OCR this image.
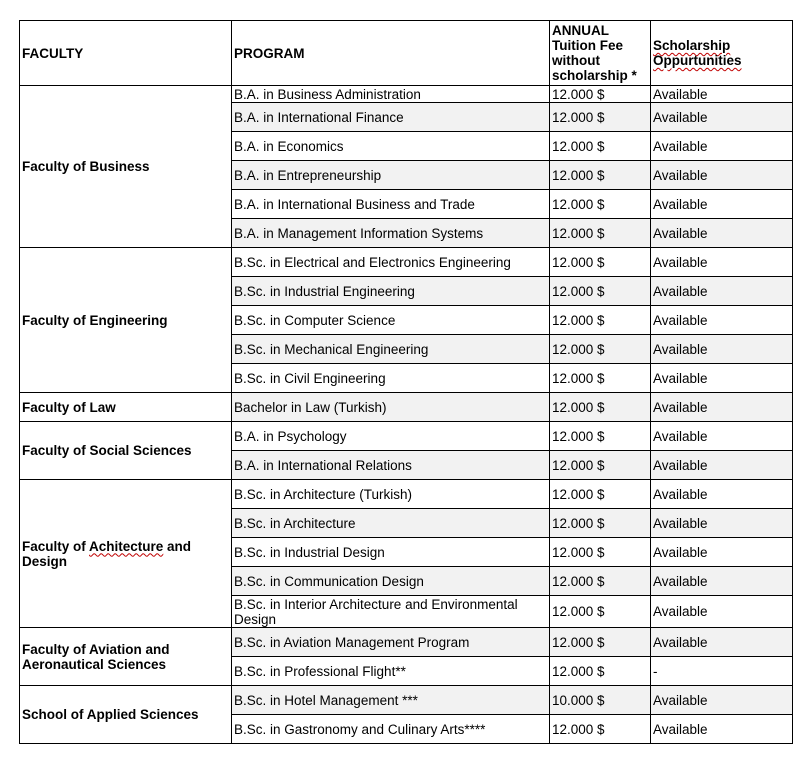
FACULTY	PROGRAM	ANNUAL Tuition Fee without scholarship *	Scholarship Oppurtunities
Faculty of Business	B.A. in Business Administration	12.000 $	Available
	B.A. in International Finance	12.000 $	Available
	B.A. in Economics	12.000 $	Available
	B.A. in Entrepreneurship	12.000 $	Available
	B.A. in International Business and Trade	12.000 $	Available
	B.A. in Management Information Systems	12.000 $	Available
Faculty of Engineering	B.Sc. in Electrical and Electronics Engineering	12.000 $	Available
	B.Sc. in Industrial Engineering	12.000 $	Available
	B.Sc. in Computer Science	12.000 $	Available
	B.Sc. in Mechanical Engineering	12.000 $	Available
	B.Sc. in Civil Engineering	12.000 $	Available
Faculty of Law	Bachelor in Law (Turkish)	12.000 $	Available
Faculty of Social Sciences	B.A. in Psychology	12.000 $	Available
	B.A. in International Relations	12.000 $	Available
Faculty of Achitecture and Design	B.Sc. in Architecture (Turkish)	12.000 $	Available
	B.Sc. in Architecture	12.000 $	Available
	B.Sc. in Industrial Design	12.000 $	Available
	B.Sc. in Communication Design	12.000 $	Available
	B.Sc. in Interior Architecture and Environmental Design	12.000 $	Available
Faculty of Aviation and Aeronautical Sciences	B.Sc. in Aviation Management Program	12.000 $	Available
	B.Sc. in Professional Flight**	12.000 $	-
School of Applied Sciences	B.Sc. in Hotel Management ***	10.000 $	Available
	B.Sc. in Gastronomy and Culinary Arts****	12.000 $	Available
